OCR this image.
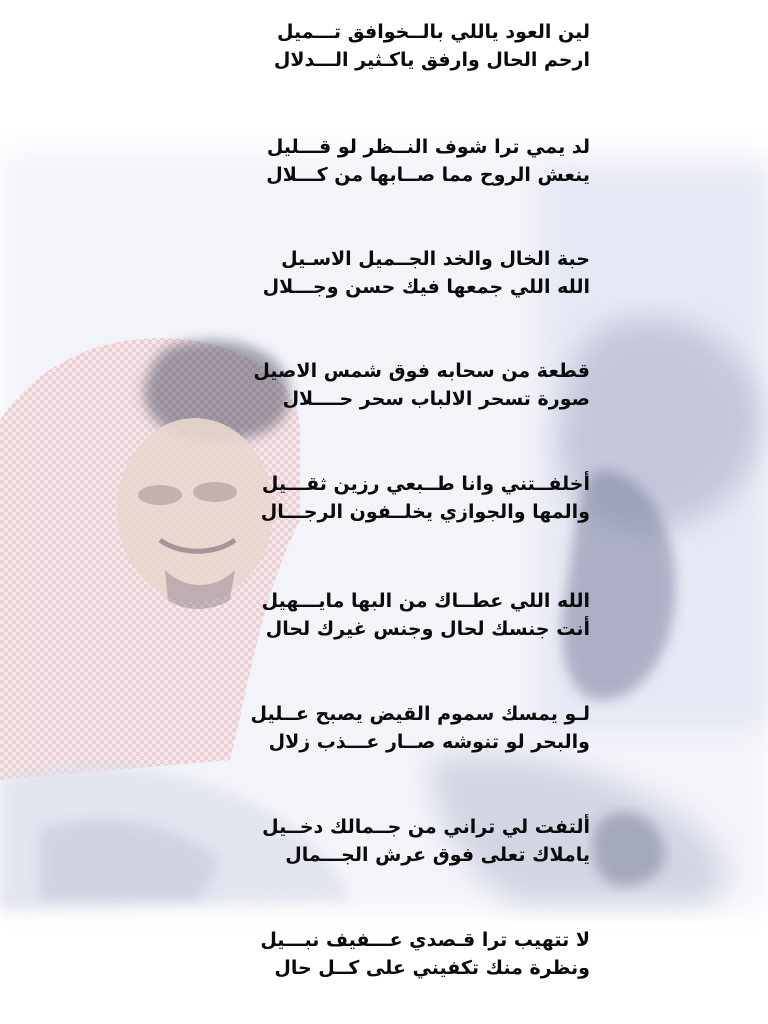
لين العود ياللي بالــخوافق تـــميل
ارحم الحال وارفق ياكـثير الـــدلال
لد يمي ترا شوف النــظر لو قـــليل
ينعش الروح مما صــابها من كـــلال
حبة الخال والخد الجــميل الاسـيل
الله اللي جمعها فيك حسن وجـــلال
قطعة من سحابه فوق شمس الاصيل
صورة تسحر الالباب سحر حــــلال
أخلفــتني وانا طــبعي رزين ثقـــيل
والمها والجوازي يخلــفون الرجـــال
الله اللي عطــاك من البها مايـــهيل
أنت جنسك لحال وجنس غيرك لحال
لـو يمسك سموم القيض يصبح عــليل
والبحر لو تنوشه صــار عـــذب زلال
ألتفت لي تراني من جــمالك دخــيل
ياملاك تعلى فوق عرش الجـــمال
لا تتهيب ترا قـصدي عـــفيف نبـــيل
ونظرة منك تكفيني على كــل حال
